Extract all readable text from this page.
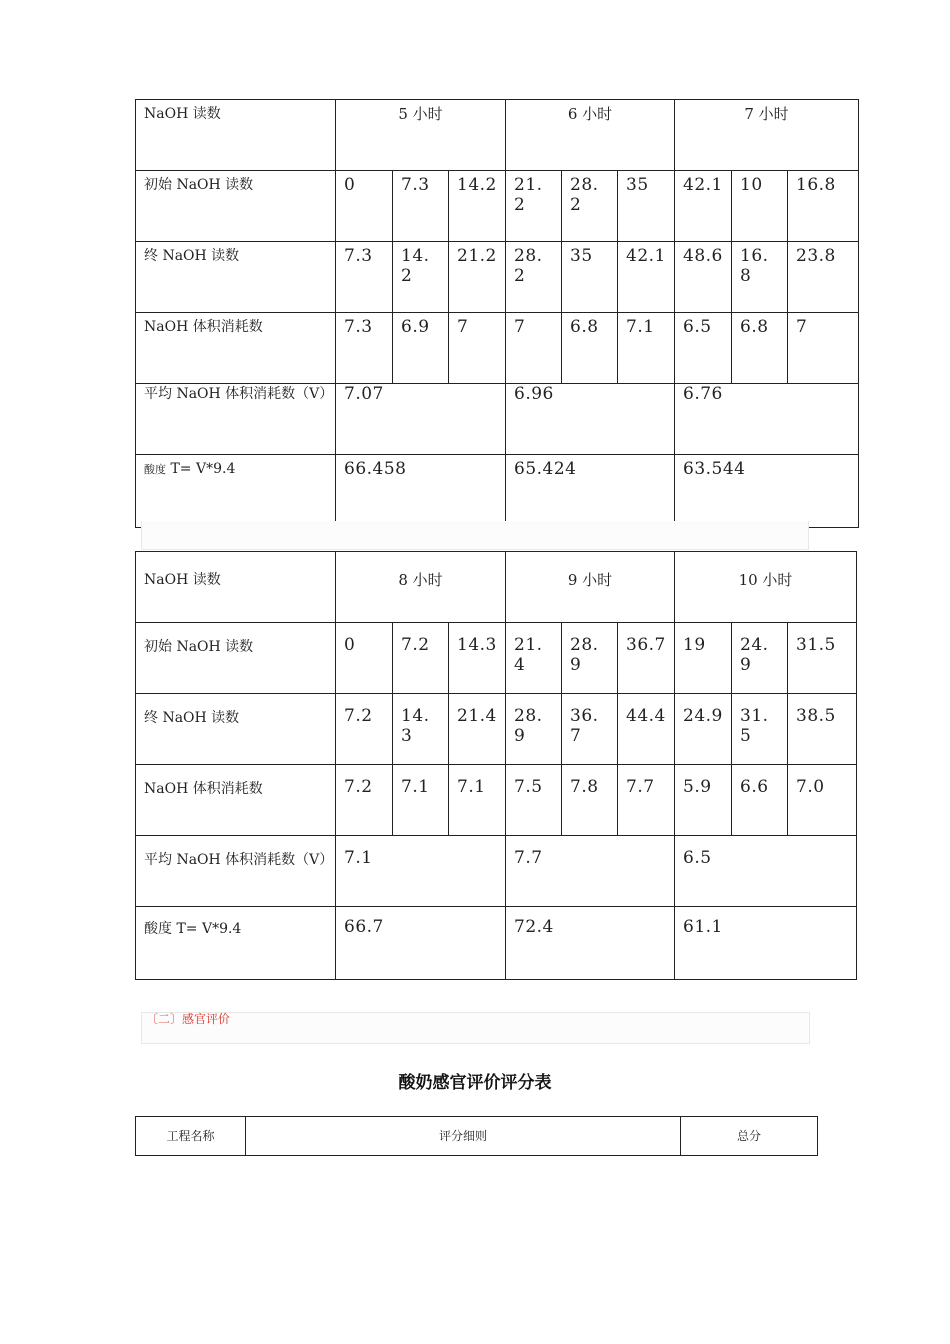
NaOH 读数	5 小时			6 小时			7 小时		
初始 NaOH 读数	0	7.3	14.2	21.2	28.2	35	42.1	10	16.8
终 NaOH 读数	7.3	14.2	21.2	28.2	35	42.1	48.6	16.8	23.8
NaOH 体积消耗数	7.3	6.9	7	7	6.8	7.1	6.5	6.8	7
平均 NaOH 体积消耗数（V）	7.07			6.96			6.76		
酸度 T= V*9.4	66.458			65.424			63.544		
NaOH 读数	8 小时			9 小时			10 小时		
初始 NaOH 读数	0	7.2	14.3	21.4	28.9	36.7	19	24.9	31.5
终 NaOH 读数	7.2	14.3	21.4	28.9	36.7	44.4	24.9	31.5	38.5
NaOH 体积消耗数	7.2	7.1	7.1	7.5	7.8	7.7	5.9	6.6	7.0
平均 NaOH 体积消耗数（V）	7.1			7.7			6.5		
酸度 T= V*9.4	66.7			72.4			61.1		
〔二〕感官评价
酸奶感官评价评分表
工程名称	评分细则	总分
